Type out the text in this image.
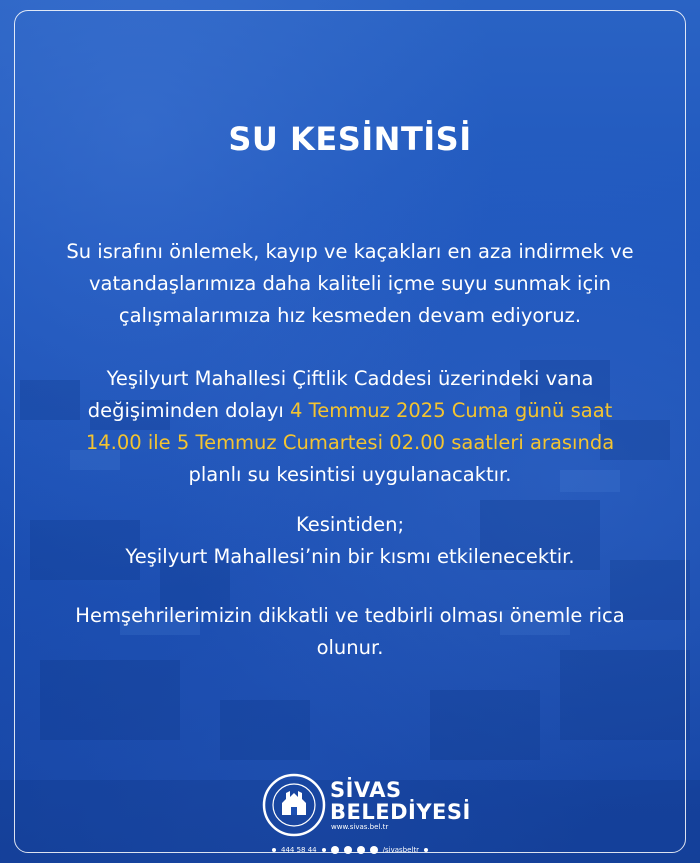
SU KESİNTİSİ
Su israfını önlemek, kayıp ve kaçakları en aza indirmek ve
vatandaşlarımıza daha kaliteli içme suyu sunmak için
çalışmalarımıza hız kesmeden devam ediyoruz.
Yeşilyurt Mahallesi Çiftlik Caddesi üzerindeki vana
değişiminden dolayı 4 Temmuz 2025 Cuma günü saat
14.00 ile 5 Temmuz Cumartesi 02.00 saatleri arasında
planlı su kesintisi uygulanacaktır.
Kesintiden;
Yeşilyurt Mahallesi’nin bir kısmı etkilenecektir.
Hemşehrilerimizin dikkatli ve tedbirli olması önemle rica
olunur.
SİVAS
BELEDİYESİ
www.sivas.bel.tr
444 58 44	/sivasbeltr
